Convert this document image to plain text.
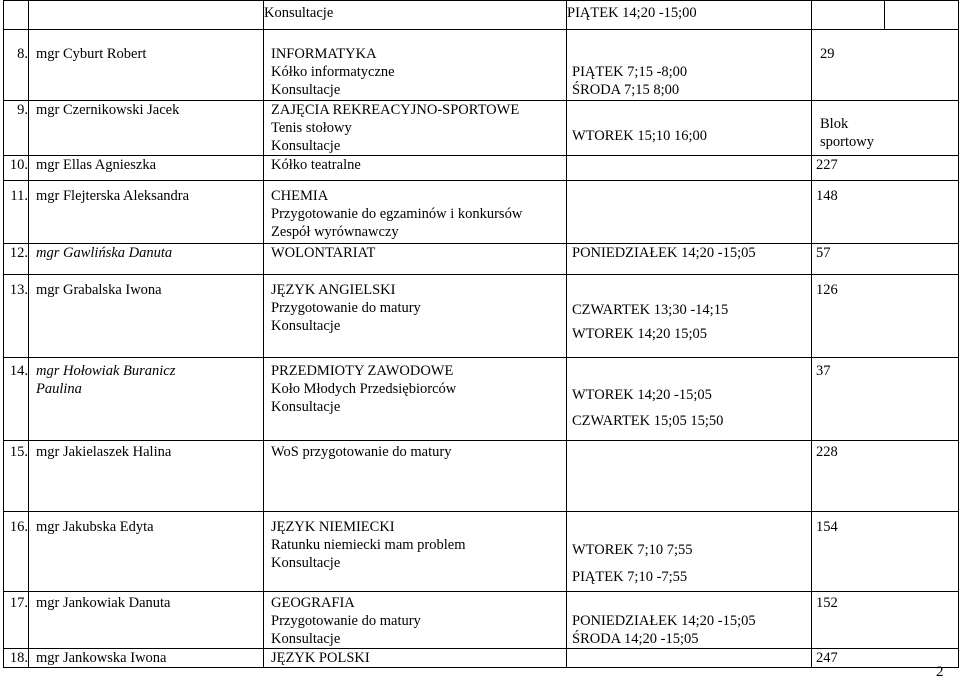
		Konsultacje	PIĄTEK 14;20 -15;00		

8.	mgr Cyburt Robert	INFORMATYKA
Kółko informatyczne
Konsultacje	PIĄTEK 7;15 -8;00
ŚRODA 7;15 8;00	29	
9.	mgr Czernikowski Jacek	ZAJĘCIA REKREACYJNO-SPORTOWE
Tenis stołowy
Konsultacje	WTOREK 15;10 16;00	Blok sportowy	

10.	mgr Ellas Agnieszka	Kółko teatralne		227	
11.	mgr Flejterska Aleksandra	CHEMIA
Przygotowanie do egzaminów i konkursów
Zespół wyrównawczy		148	
12.	mgr Gawlińska Danuta	WOLONTARIAT	PONIEDZIAŁEK 14;20 -15;05	57	
13.	mgr Grabalska Iwona	JĘZYK ANGIELSKI
Przygotowanie do matury
Konsultacje	CZWARTEK 13;30 -14;15
WTOREK 14;20 15;05	126	
14.	mgr Hołowiak Buranicz Paulina	PRZEDMIOTY ZAWODOWE
Koło Młodych Przedsiębiorców
Konsultacje	WTOREK 14;20 -15;05
CZWARTEK 15;05 15;50	37	
15.	mgr Jakielaszek Halina	WoS przygotowanie do matury		228	
16.	mgr Jakubska Edyta	JĘZYK NIEMIECKI
Ratunku niemiecki mam problem
Konsultacje	WTOREK 7;10 7;55
PIĄTEK 7;10 -7;55	154	
17.	mgr Jankowiak Danuta	GEOGRAFIA
Przygotowanie do matury
Konsultacje	PONIEDZIAŁEK 14;20 -15;05
ŚRODA 14;20 -15;05	152	
18.	mgr Jankowska Iwona	JĘZYK POLSKI		247	
2
